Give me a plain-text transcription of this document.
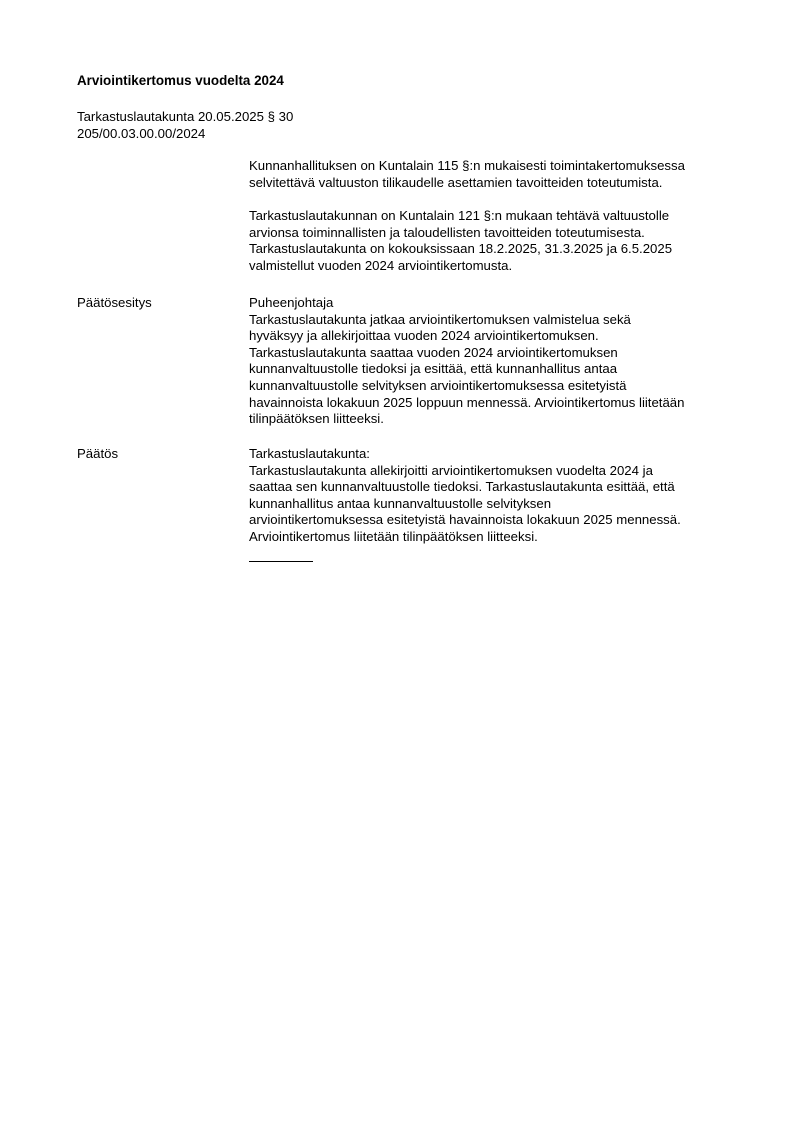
Arviointikertomus vuodelta 2024
Tarkastuslautakunta 20.05.2025 § 30
205/00.03.00.00/2024

Kunnanhallituksen on Kuntalain 115 §:n mukaisesti toimintakertomuksessa
selvitettävä valtuuston tilikaudelle asettamien tavoitteiden toteutumista.

Tarkastuslautakunnan on Kuntalain 121 §:n mukaan tehtävä valtuustolle
arvionsa toiminnallisten ja taloudellisten tavoitteiden toteutumisesta.
Tarkastuslautakunta on kokouksissaan 18.2.2025, 31.3.2025 ja 6.5.2025
valmistellut vuoden 2024 arviointikertomusta.

Päätösesitys	Puheenjohtaja
Tarkastuslautakunta jatkaa arviointikertomuksen valmistelua sekä
hyväksyy ja allekirjoittaa vuoden 2024 arviointikertomuksen.
Tarkastuslautakunta saattaa vuoden 2024 arviointikertomuksen
kunnanvaltuustolle tiedoksi ja esittää, että kunnanhallitus antaa
kunnanvaltuustolle selvityksen arviointikertomuksessa esitetyistä
havainnoista lokakuun 2025 loppuun mennessä. Arviointikertomus liitetään
tilinpäätöksen liitteeksi.

Päätös	Tarkastuslautakunta:
Tarkastuslautakunta allekirjoitti arviointikertomuksen vuodelta 2024 ja
saattaa sen kunnanvaltuustolle tiedoksi. Tarkastuslautakunta esittää, että
kunnanhallitus antaa kunnanvaltuustolle selvityksen
arviointikertomuksessa esitetyistä havainnoista lokakuun 2025 mennessä.
Arviointikertomus liitetään tilinpäätöksen liitteeksi.
